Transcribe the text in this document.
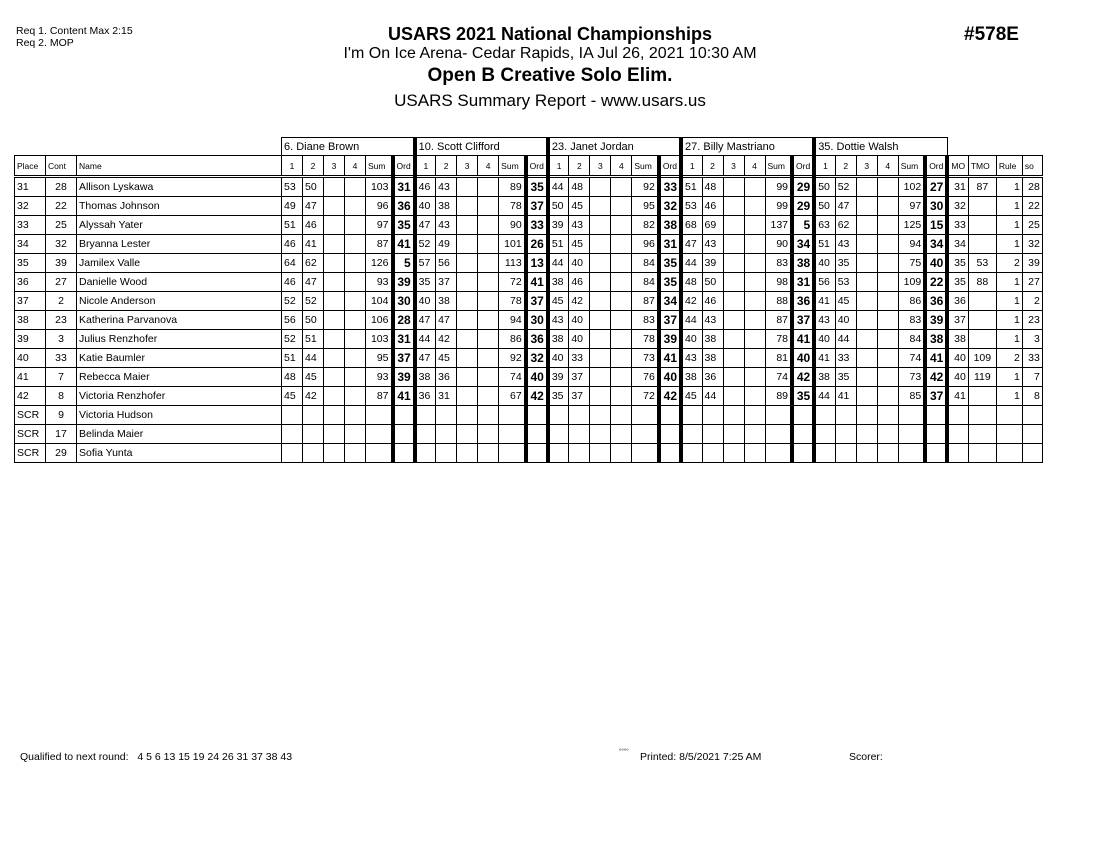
Req 1. Content Max 2:15
Req 2. MOP	USARS 2021 National Championships
I'm On Ice Arena- Cedar Rapids, IA Jul 26, 2021 10:30 AM
Open B Creative Solo Elim.
USARS Summary Report - www.usars.us
#578E
			6. Diane Brown						10. Scott Clifford						23. Janet Jordan						27. Billy Mastriano						35. Dottie Walsh									
Place	Cont	Name	1	2	3	4	Sum	Ord	1	2	3	4	Sum	Ord	1	2	3	4	Sum	Ord	1	2	3	4	Sum	Ord	1	2	3	4	Sum	Ord	MO	TMO	Rule	so
31	28	Allison Lyskawa	53	50			103	31	46	43			89	35	44	48			92	33	51	48			99	29	50	52			102	27	31	87	1	28
32	22	Thomas Johnson	49	47			96	36	40	38			78	37	50	45			95	32	53	46			99	29	50	47			97	30	32		1	22
33	25	Alyssah Yater	51	46			97	35	47	43			90	33	39	43			82	38	68	69			137	5	63	62			125	15	33		1	25
34	32	Bryanna Lester	46	41			87	41	52	49			101	26	51	45			96	31	47	43			90	34	51	43			94	34	34		1	32
35	39	Jamilex Valle	64	62			126	5	57	56			113	13	44	40			84	35	44	39			83	38	40	35			75	40	35	53	2	39
36	27	Danielle Wood	46	47			93	39	35	37			72	41	38	46			84	35	48	50			98	31	56	53			109	22	35	88	1	27
37	2	Nicole Anderson	52	52			104	30	40	38			78	37	45	42			87	34	42	46			88	36	41	45			86	36	36		1	2
38	23	Katherina Parvanova	56	50			106	28	47	47			94	30	43	40			83	37	44	43			87	37	43	40			83	39	37		1	23
39	3	Julius Renzhofer	52	51			103	31	44	42			86	36	38	40			78	39	40	38			78	41	40	44			84	38	38		1	3
40	33	Katie Baumler	51	44			95	37	47	45			92	32	40	33			73	41	43	38			81	40	41	33			74	41	40	109	2	33
41	7	Rebecca Maier	48	45			93	39	38	36			74	40	39	37			76	40	38	36			74	42	38	35			73	42	40	119	1	7
42	8	Victoria Renzhofer	45	42			87	41	36	31			67	42	35	37			72	42	45	44			89	35	44	41			85	37	41		1	8
SCR	9	Victoria Hudson																																		
SCR	17	Belinda Maier																																		
SCR	29	Sofia Yunta																																		
Qualified to next round: 4 5 6 13 15 19 24 26 31 37 38 43	°°°° Printed: 8/5/2021 7:25 AM	Scorer:
